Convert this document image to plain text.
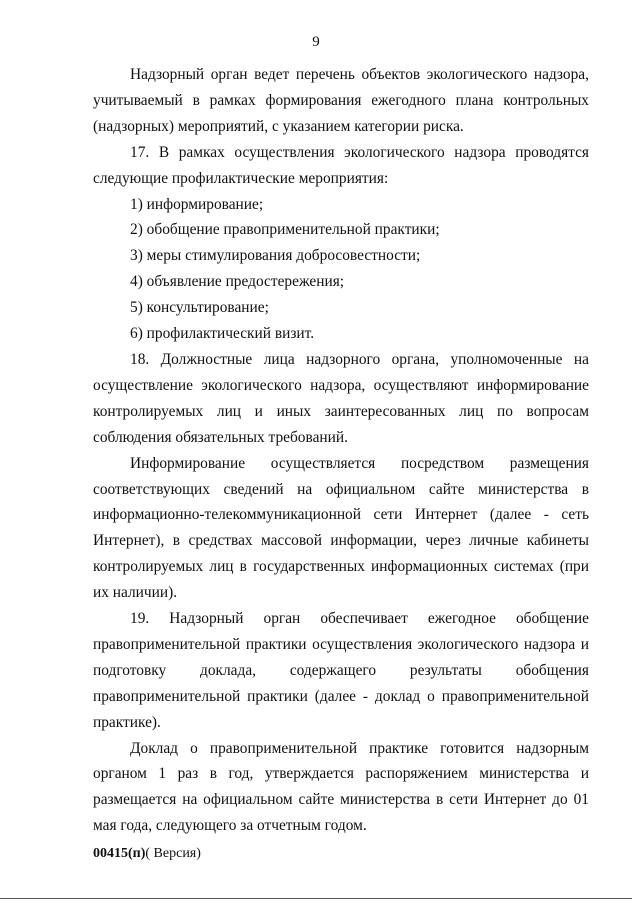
9

Надзорный орган ведет перечень объектов экологического надзора, учитываемый в рамках формирования ежегодного плана контрольных (надзорных) мероприятий, с указанием категории риска.

17. В рамках осуществления экологического надзора проводятся следующие профилактические мероприятия:

1) информирование;

2) обобщение правоприменительной практики;

3) меры стимулирования добросовестности;

4) объявление предостережения;

5) консультирование;

6) профилактический визит.

18. Должностные лица надзорного органа, уполномоченные на осуществление экологического надзора, осуществляют информирование контролируемых лиц и иных заинтересованных лиц по вопросам соблюдения обязательных требований.

Информирование осуществляется посредством размещения соответствующих сведений на официальном сайте министерства в информационно-телекоммуникационной сети Интернет (далее - сеть Интернет), в средствах массовой информации, через личные кабинеты контролируемых лиц в государственных информационных системах (при их наличии).

19. Надзорный орган обеспечивает ежегодное обобщение правоприменительной практики осуществления экологического надзора и подготовку доклада, содержащего результаты обобщения правоприменительной практики (далее - доклад о правоприменительной практике).

Доклад о правоприменительной практике готовится надзорным органом 1 раз в год, утверждается распоряжением министерства и размещается на официальном сайте министерства в сети Интернет до 01 мая года, следующего за отчетным годом.

00415(п)( Версия)
